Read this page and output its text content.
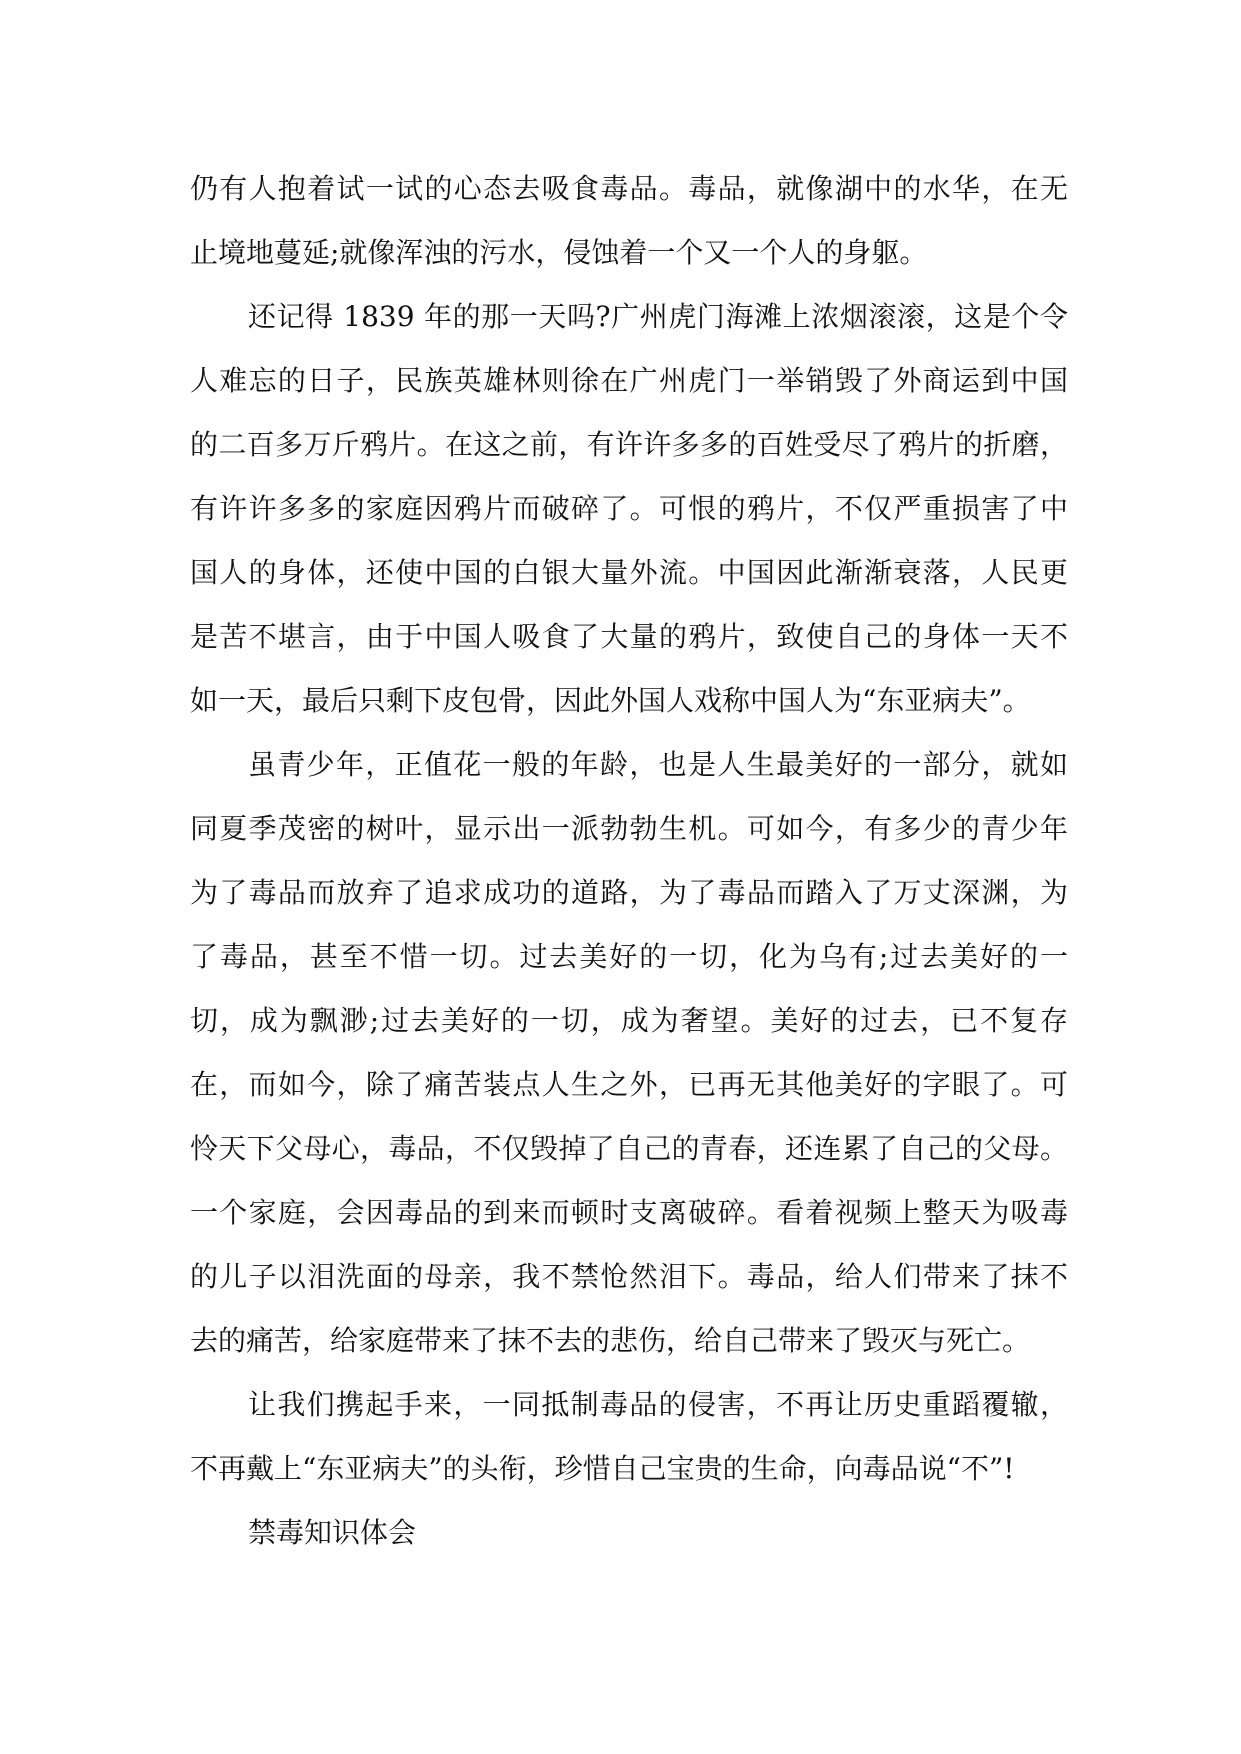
仍有人抱着试一试的心态去吸食毒品。毒品，就像湖中的水华，在无
止境地蔓延;就像浑浊的污水，侵蚀着一个又一个人的身躯。
还记得 1839 年的那一天吗?广州虎门海滩上浓烟滚滚，这是个令
人难忘的日子，民族英雄林则徐在广州虎门一举销毁了外商运到中国
的二百多万斤鸦片。在这之前，有许许多多的百姓受尽了鸦片的折磨，
有许许多多的家庭因鸦片而破碎了。可恨的鸦片，不仅严重损害了中
国人的身体，还使中国的白银大量外流。中国因此渐渐衰落，人民更
是苦不堪言，由于中国人吸食了大量的鸦片，致使自己的身体一天不
如一天，最后只剩下皮包骨，因此外国人戏称中国人为“东亚病夫”。
虽青少年，正值花一般的年龄，也是人生最美好的一部分，就如
同夏季茂密的树叶，显示出一派勃勃生机。可如今，有多少的青少年
为了毒品而放弃了追求成功的道路，为了毒品而踏入了万丈深渊，为
了毒品，甚至不惜一切。过去美好的一切，化为乌有;过去美好的一
切，成为飘渺;过去美好的一切，成为奢望。美好的过去，已不复存
在，而如今，除了痛苦装点人生之外，已再无其他美好的字眼了。可
怜天下父母心，毒品，不仅毁掉了自己的青春，还连累了自己的父母。
一个家庭，会因毒品的到来而顿时支离破碎。看着视频上整天为吸毒
的儿子以泪洗面的母亲，我不禁怆然泪下。毒品，给人们带来了抹不
去的痛苦，给家庭带来了抹不去的悲伤，给自己带来了毁灭与死亡。
让我们携起手来，一同抵制毒品的侵害，不再让历史重蹈覆辙，
不再戴上“东亚病夫”的头衔，珍惜自己宝贵的生命，向毒品说“不”!
禁毒知识体会
